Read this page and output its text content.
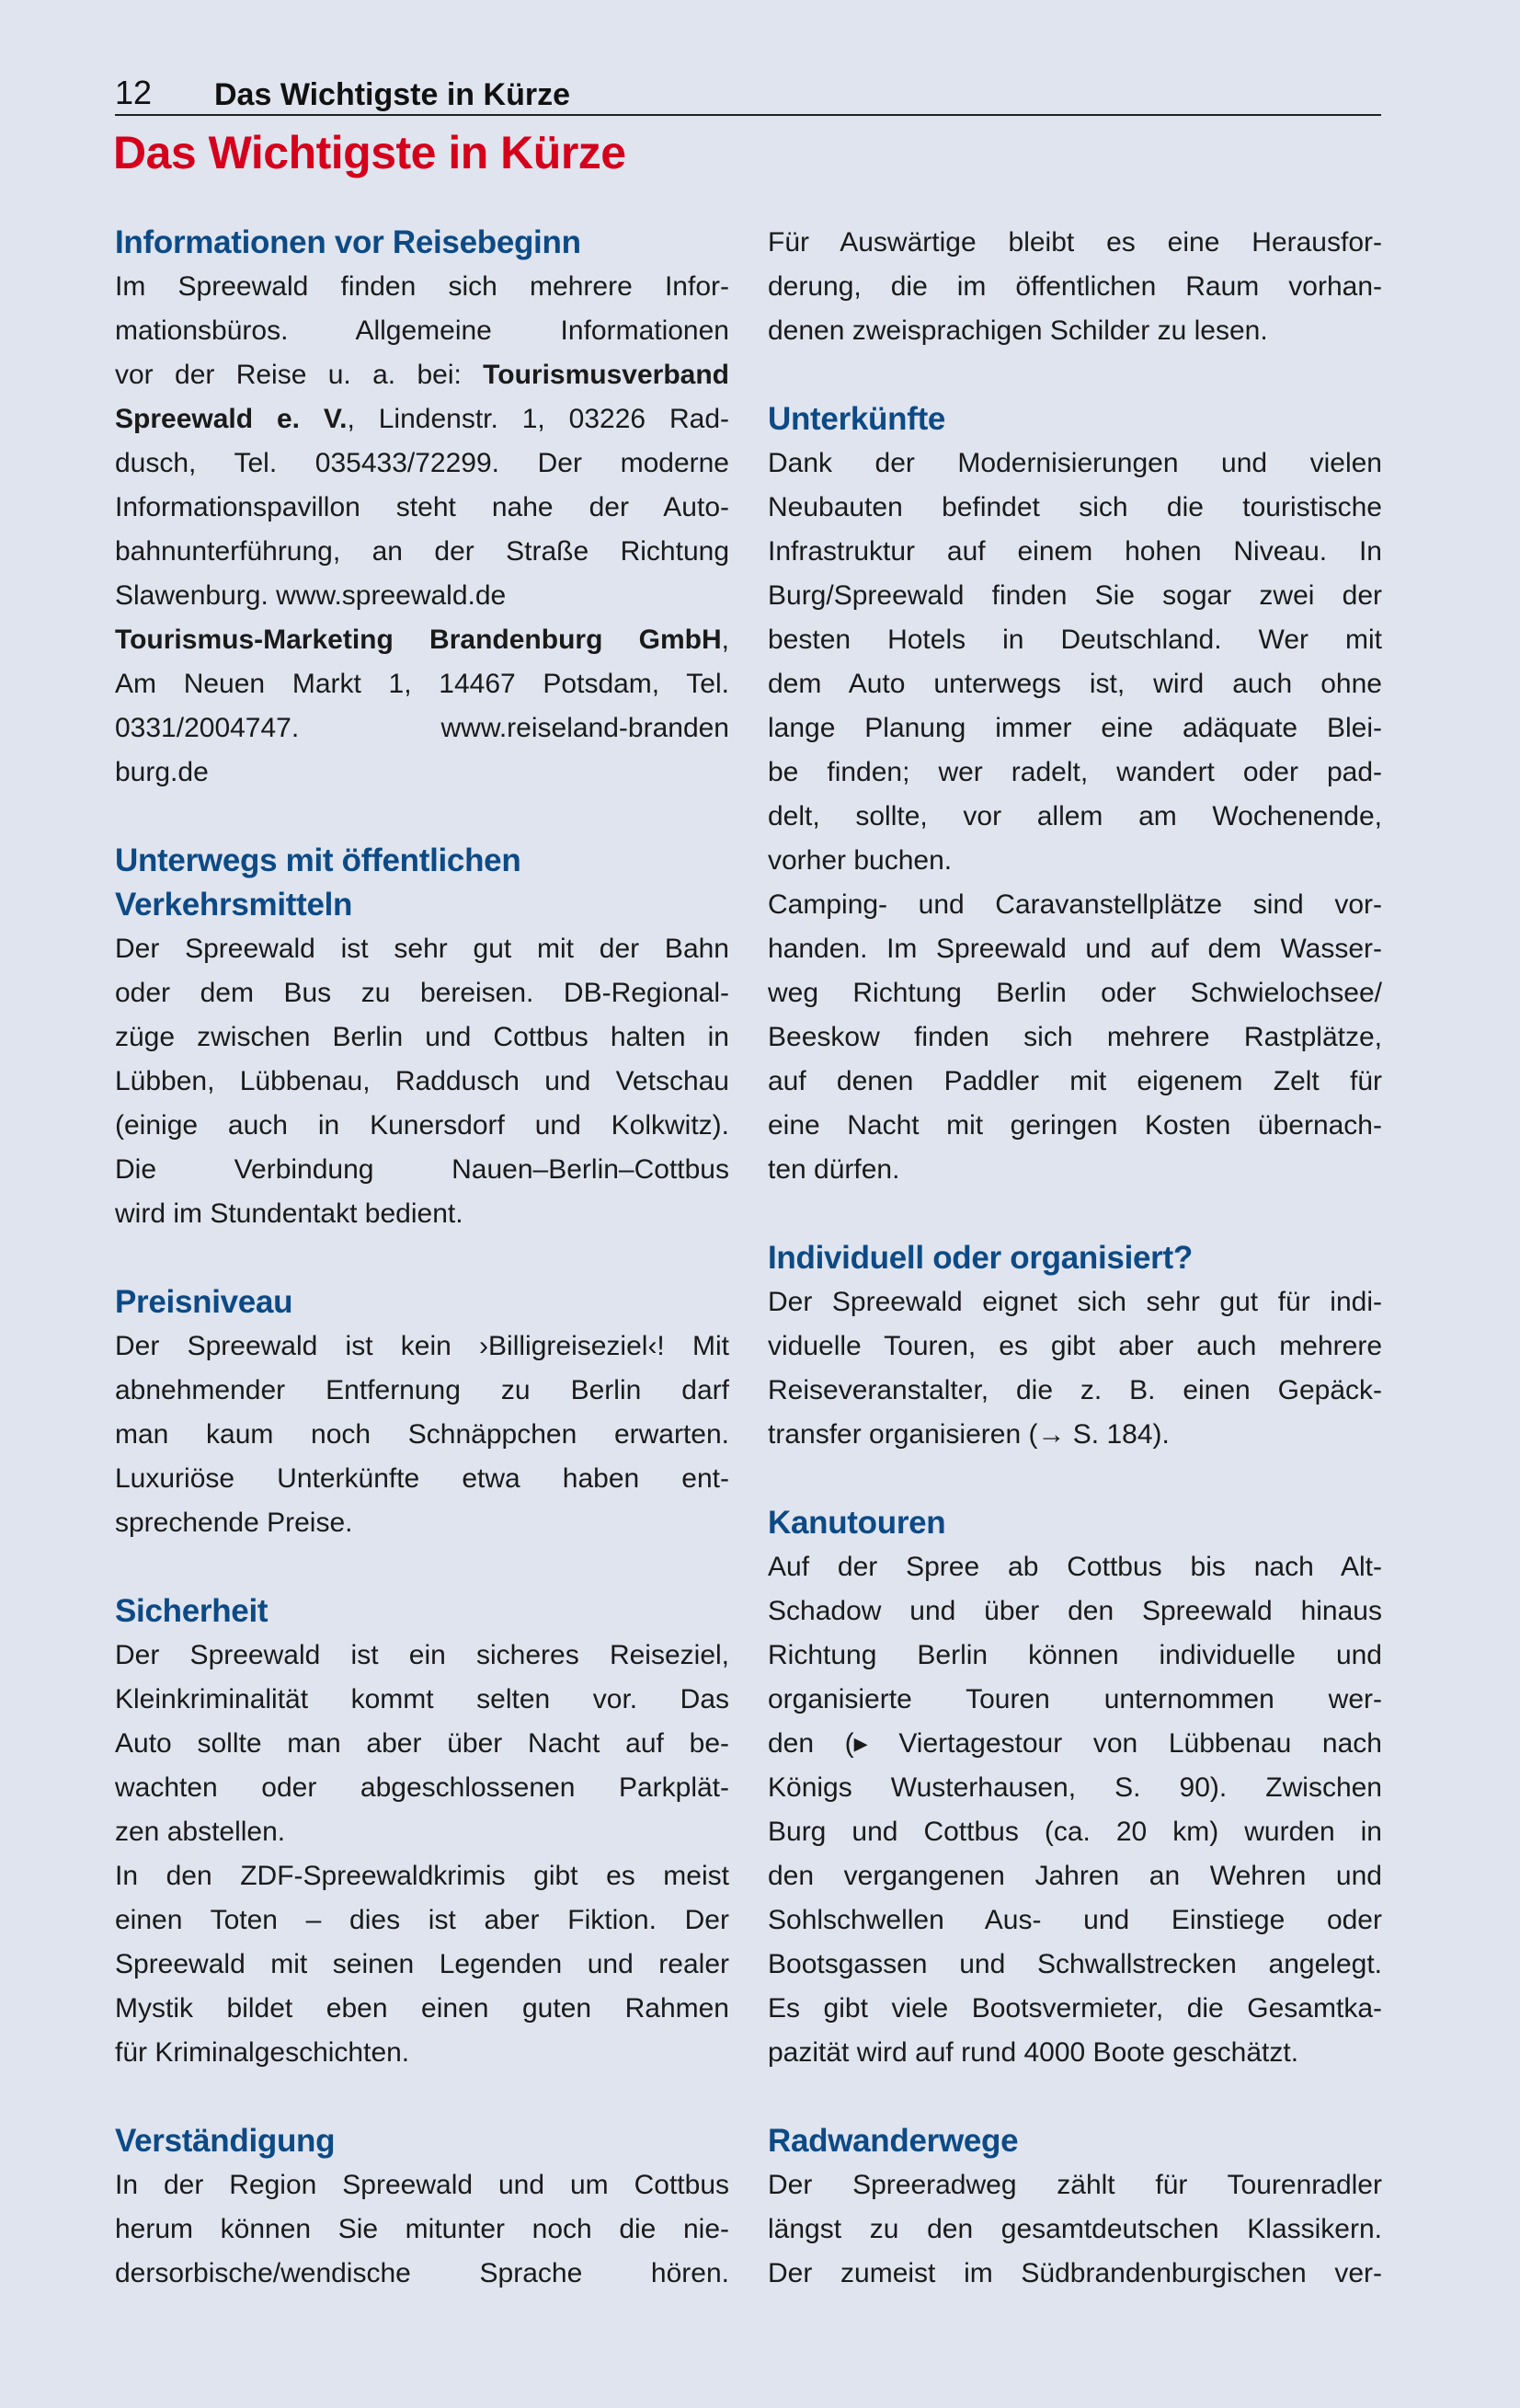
12 Das Wichtigste in Kürze
Das Wichtigste in Kürze
Informationen vor Reisebeginn
Im Spreewald finden sich mehrere Infor-
mationsbüros. Allgemeine Informationen
vor der Reise u. a. bei: Tourismusverband
Spreewald e. V., Lindenstr. 1, 03226 Rad-
dusch, Tel. 035433/72299. Der moderne
Informationspavillon steht nahe der Auto-
bahnunterführung, an der Straße Richtung
Slawenburg. www.spreewald.de
Tourismus-Marketing Brandenburg GmbH,
Am Neuen Markt 1, 14467 Potsdam, Tel.
0331/2004747. www.reiseland-branden
burg.de
Unterwegs mit öffentlichen
Verkehrsmitteln
Der Spreewald ist sehr gut mit der Bahn
oder dem Bus zu bereisen. DB-Regional-
züge zwischen Berlin und Cottbus halten in
Lübben, Lübbenau, Raddusch und Vetschau
(einige auch in Kunersdorf und Kolkwitz).
Die Verbindung Nauen–Berlin–Cottbus
wird im Stundentakt bedient.
Preisniveau
Der Spreewald ist kein ›Billigreiseziel‹! Mit
abnehmender Entfernung zu Berlin darf
man kaum noch Schnäppchen erwarten.
Luxuriöse Unterkünfte etwa haben ent-
sprechende Preise.
Sicherheit
Der Spreewald ist ein sicheres Reiseziel,
Kleinkriminalität kommt selten vor. Das
Auto sollte man aber über Nacht auf be-
wachten oder abgeschlossenen Parkplät-
zen abstellen.
In den ZDF-Spreewaldkrimis gibt es meist
einen Toten – dies ist aber Fiktion. Der
Spreewald mit seinen Legenden und realer
Mystik bildet eben einen guten Rahmen
für Kriminalgeschichten.
Verständigung
In der Region Spreewald und um Cottbus
herum können Sie mitunter noch die nie-
dersorbische/wendische Sprache hören.
Für Auswärtige bleibt es eine Herausfor-
derung, die im öffentlichen Raum vorhan-
denen zweisprachigen Schilder zu lesen.
Unterkünfte
Dank der Modernisierungen und vielen
Neubauten befindet sich die touristische
Infrastruktur auf einem hohen Niveau. In
Burg/Spreewald finden Sie sogar zwei der
besten Hotels in Deutschland. Wer mit
dem Auto unterwegs ist, wird auch ohne
lange Planung immer eine adäquate Blei-
be finden; wer radelt, wandert oder pad-
delt, sollte, vor allem am Wochenende,
vorher buchen.
Camping- und Caravanstellplätze sind vor-
handen. Im Spreewald und auf dem Wasser-
weg Richtung Berlin oder Schwielochsee/
Beeskow finden sich mehrere Rastplätze,
auf denen Paddler mit eigenem Zelt für
eine Nacht mit geringen Kosten übernach-
ten dürfen.
Individuell oder organisiert?
Der Spreewald eignet sich sehr gut für indi-
viduelle Touren, es gibt aber auch mehrere
Reiseveranstalter, die z. B. einen Gepäck-
transfer organisieren (→ S. 184).
Kanutouren
Auf der Spree ab Cottbus bis nach Alt-
Schadow und über den Spreewald hinaus
Richtung Berlin können individuelle und
organisierte Touren unternommen wer-
den (▸ Viertagestour von Lübbenau nach
Königs Wusterhausen, S. 90). Zwischen
Burg und Cottbus (ca. 20 km) wurden in
den vergangenen Jahren an Wehren und
Sohlschwellen Aus- und Einstiege oder
Bootsgassen und Schwallstrecken angelegt.
Es gibt viele Bootsvermieter, die Gesamtka-
pazität wird auf rund 4000 Boote geschätzt.
Radwanderwege
Der Spreeradweg zählt für Tourenradler
längst zu den gesamtdeutschen Klassikern.
Der zumeist im Südbrandenburgischen ver-
